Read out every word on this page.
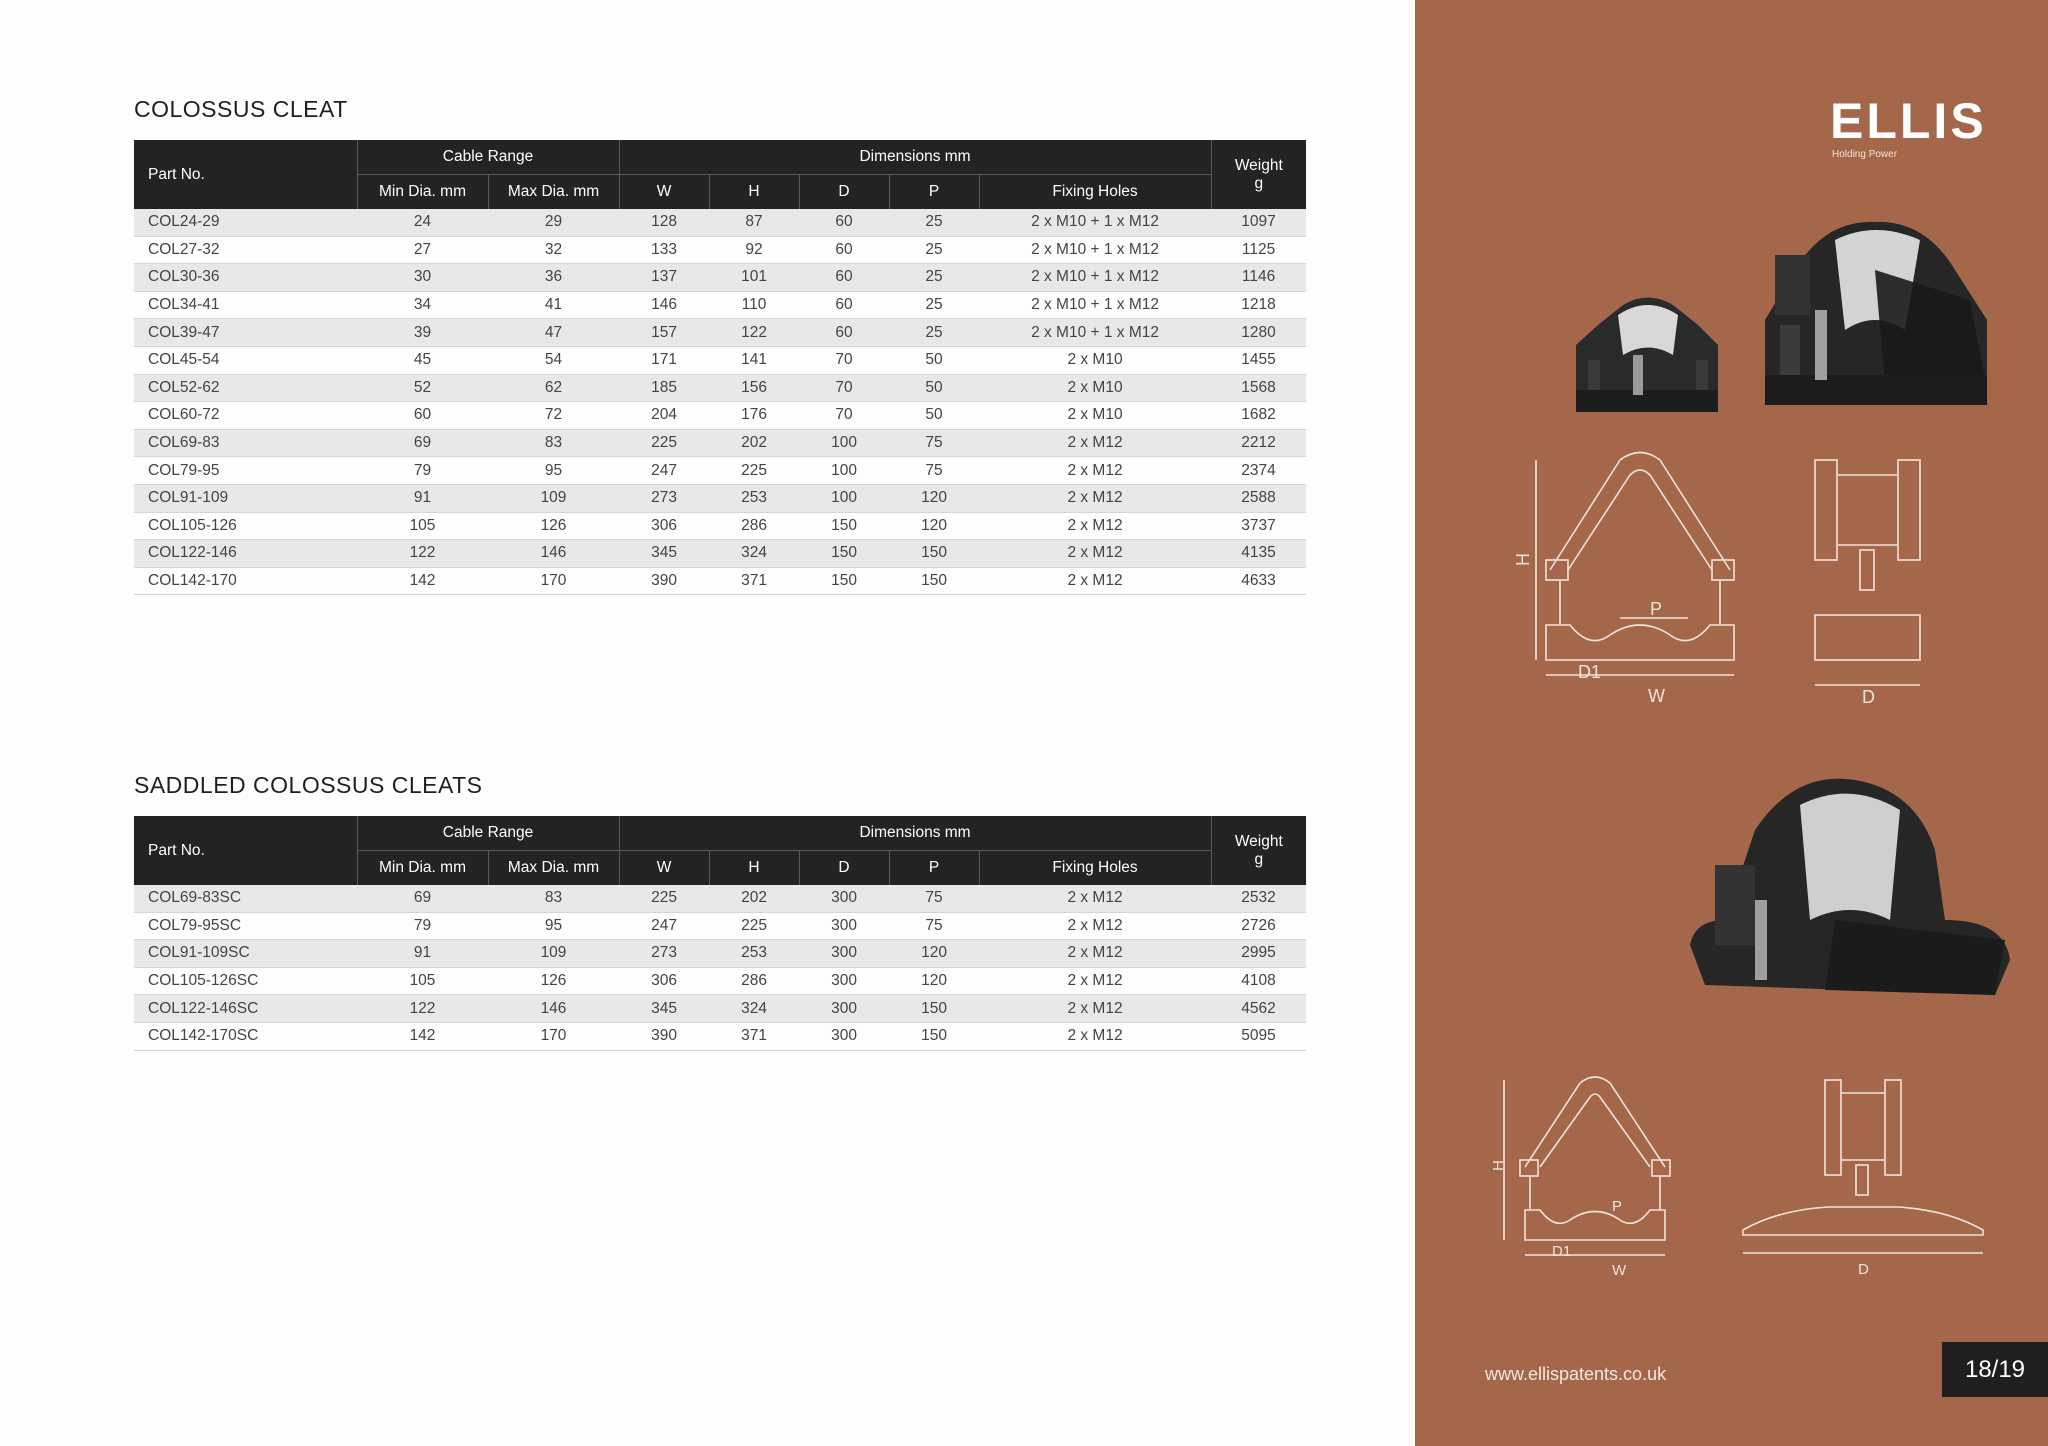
COLOSSUS CLEAT
Part No.	Cable Range		Dimensions mm					Weight
g
	Min Dia. mm	Max Dia. mm	W	H	D	P	Fixing Holes	
COL24-29	24	29	128	87	60	25	2 x M10 + 1 x M12	1097
COL27-32	27	32	133	92	60	25	2 x M10 + 1 x M12	1125
COL30-36	30	36	137	101	60	25	2 x M10 + 1 x M12	1146
COL34-41	34	41	146	110	60	25	2 x M10 + 1 x M12	1218
COL39-47	39	47	157	122	60	25	2 x M10 + 1 x M12	1280
COL45-54	45	54	171	141	70	50	2 x M10	1455
COL52-62	52	62	185	156	70	50	2 x M10	1568
COL60-72	60	72	204	176	70	50	2 x M10	1682
COL69-83	69	83	225	202	100	75	2 x M12	2212
COL79-95	79	95	247	225	100	75	2 x M12	2374
COL91-109	91	109	273	253	100	120	2 x M12	2588
COL105-126	105	126	306	286	150	120	2 x M12	3737
COL122-146	122	146	345	324	150	150	2 x M12	4135
COL142-170	142	170	390	371	150	150	2 x M12	4633
SADDLED COLOSSUS CLEATS
Part No.	Cable Range		Dimensions mm					Weight
g
	Min Dia. mm	Max Dia. mm	W	H	D	P	Fixing Holes	
COL69-83SC	69	83	225	202	300	75	2 x M12	2532
COL79-95SC	79	95	247	225	300	75	2 x M12	2726
COL91-109SC	91	109	273	253	300	120	2 x M12	2995
COL105-126SC	105	126	306	286	300	120	2 x M12	4108
COL122-146SC	122	146	345	324	300	150	2 x M12	4562
COL142-170SC	142	170	390	371	300	150	2 x M12	5095
ELLIS
Holding Power
H
P
D1
W	D
H
P
D1
W	D
www.ellispatents.co.uk	18/19
